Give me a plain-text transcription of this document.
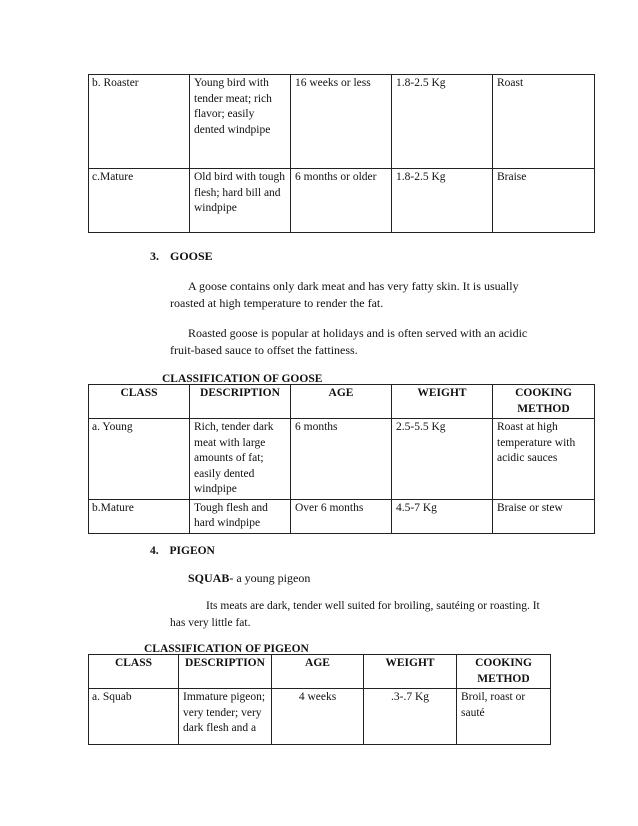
b. Roaster	Young bird with tender meat; rich flavor; easily dented windpipe	16 weeks or less	1.8-2.5 Kg	Roast
c.Mature	Old bird with tough flesh; hard bill and windpipe	6 months or older	1.8-2.5 Kg	Braise
3. GOOSE
A goose contains only dark meat and has very fatty skin. It is usually roasted at high temperature to render the fat.
Roasted goose is popular at holidays and is often served with an acidic fruit-based sauce to offset the fattiness.
CLASSIFICATION OF GOOSE
CLASS	DESCRIPTION	AGE	WEIGHT	COOKING METHOD
a. Young	Rich, tender dark meat with large amounts of fat; easily dented windpipe	6 months	2.5-5.5 Kg	Roast at high temperature with acidic sauces
b.Mature	Tough flesh and hard windpipe	Over 6 months	4.5-7 Kg	Braise or stew
4. PIGEON
SQUAB- a young pigeon
Its meats are dark, tender well suited for broiling, sautéing or roasting. It has very little fat.
CLASSIFICATION OF PIGEON
CLASS	DESCRIPTION	AGE	WEIGHT	COOKING METHOD
a. Squab	Immature pigeon; very tender; very dark flesh and a	4 weeks	.3-.7 Kg	Broil, roast or sauté
